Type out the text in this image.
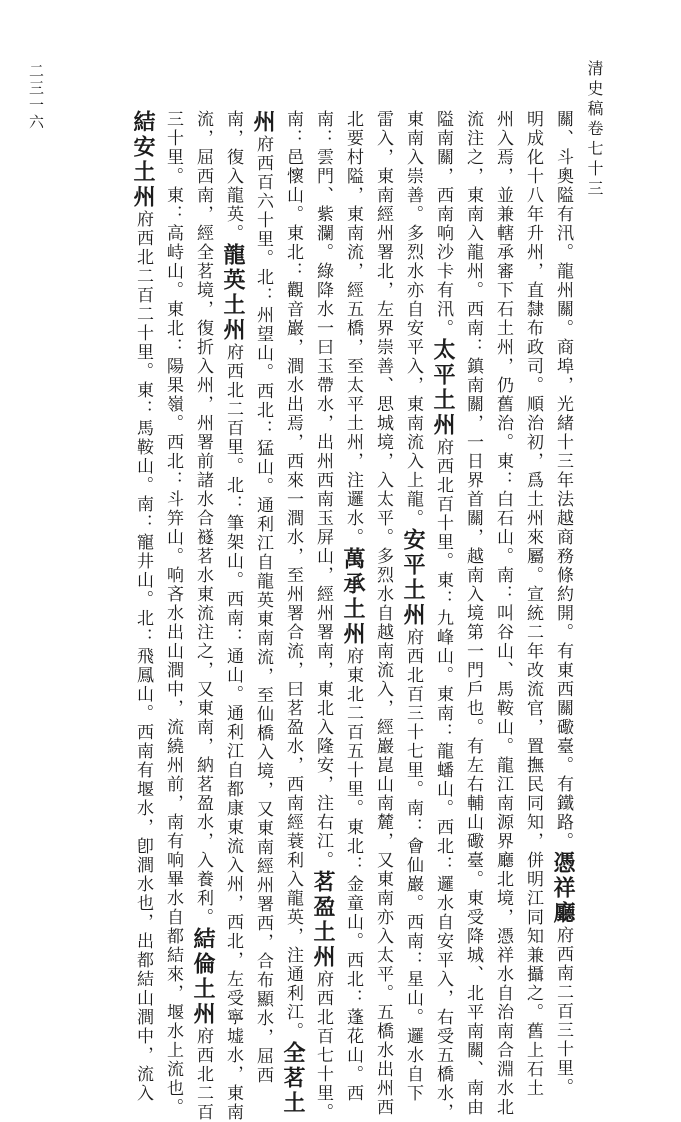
清史稿卷七十三
二三一六
關、斗奧隘有汛。龍州關。商埠，光緒十三年法越商務條約開。有東西關礮臺。有鐵路。憑祥廳府西南二百三十里。
明成化十八年升州，直隸布政司。順治初，爲土州來屬。宣統二年改流官，置撫民同知，併明江同知兼攝之。舊上石土
州入焉，並兼轄承審下石土州，仍舊治。東：白石山。南：叫谷山、馬鞍山。龍江南源界廳北境，憑祥水自治南合淵水北
流注之，東南入龍州。西南：鎮南關，一日界首關，越南入境第一門戶也。有左右輔山礮臺。東受降城、北平南關、南由
隘南關，西南响沙卡有汛。太平土州府西北百十里。東：九峰山。東南：龍蟠山。西北：邏水自安平入，右受五橋水，
東南入崇善。多烈水亦自安平入，東南流入上龍。安平土州府西北百三十七里。南：會仙巖。西南：星山。邏水自下
雷入，東南經州署北，左界崇善、思城境，入太平。多烈水自越南流入，經巖崑山南麓，又東南亦入太平。五橋水出州西
北要村隘，東南流，經五橋，至太平土州，注邏水。萬承土州府東北二百五十里。東北：金童山。西北：蓬花山。西
南：雲門、紫瀾。綠降水一曰玉帶水，出州西南玉屏山，經州署南，東北入隆安，注右江。茗盈土州府西北百七十里。
南：邑懷山。東北：觀音巖，澗水出焉，西來一澗水，至州署合流，曰茗盈水，西南經蓑利入龍英，注通利江。全茗土
州府西百六十里。北：州望山。西北：猛山。通利江自龍英東南流，至仙橋入境，又東南經州署西，合布顯水，屈西
南，復入龍英。龍英土州府西北二百里。北：筆架山。西南：通山。通利江自都康東流入州，西北，左受寧墟水，東南
流，屈西南，經全茗境，復折入州，州署前諸水合襚茗水東流注之，又東南，納茗盈水，入養利。結倫土州府西北二百
三十里。東：高峙山。東北：陽果嶺。西北：斗笄山。响吝水出山澗中，流繞州前，南有响畢水自都結來，堰水上流也。
結安土州府西北二百二十里。東：馬鞍山。南：寵井山。北：飛鳳山。西南有堰水，卽澗水也，出都結山澗中，流入
